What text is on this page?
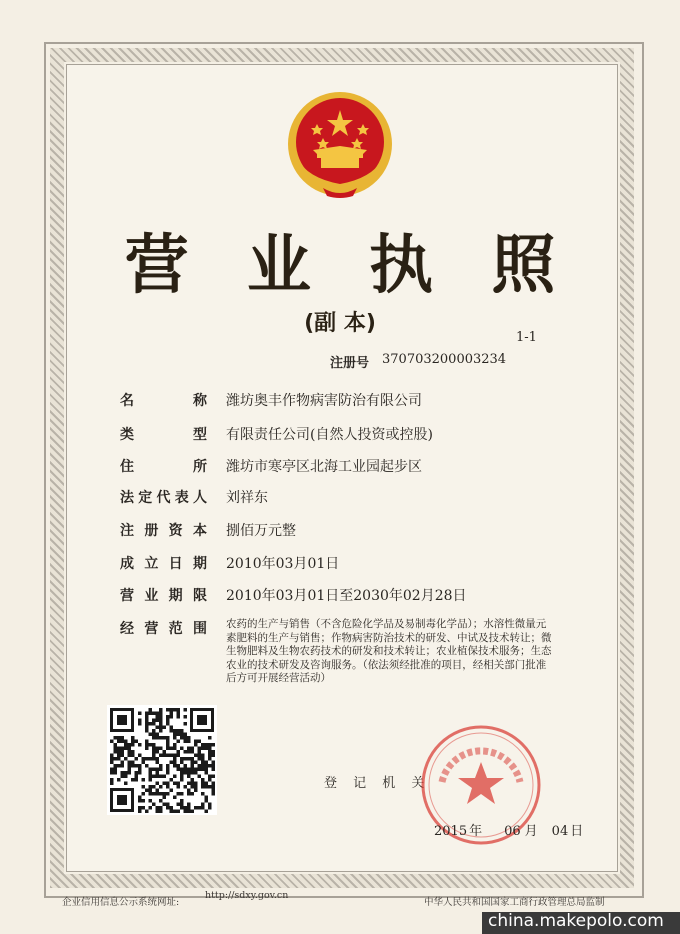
营 业 执 照
(副 本)
1-1
注册号 370703200003234
名 称 潍坊奥丰作物病害防治有限公司
类 型 有限责任公司(自然人投资或控股)
住 所 潍坊市寒亭区北海工业园起步区
法定代表人 刘祥东
注册资本 捌佰万元整
成立日期 2010年03月01日
营业期限 2010年03月01日至2030年02月28日
经营范围 农药的生产与销售（不含危险化学品及易制毒化学品）；水溶性微量元素肥料的生产与销售；作物病害防治技术的研发、中试及技术转让；微生物肥料及生物农药技术的研发和技术转让；农业植保技术服务；生态农业的技术研发及咨询服务。（依法须经批准的项目，经相关部门批准后方可开展经营活动）
登 记 机 关
2015 年 06 月 04 日
企业信用信息公示系统网址:
http://sdxy.gov.cn
中华人民共和国国家工商行政管理总局监制
china.makepolo.com
